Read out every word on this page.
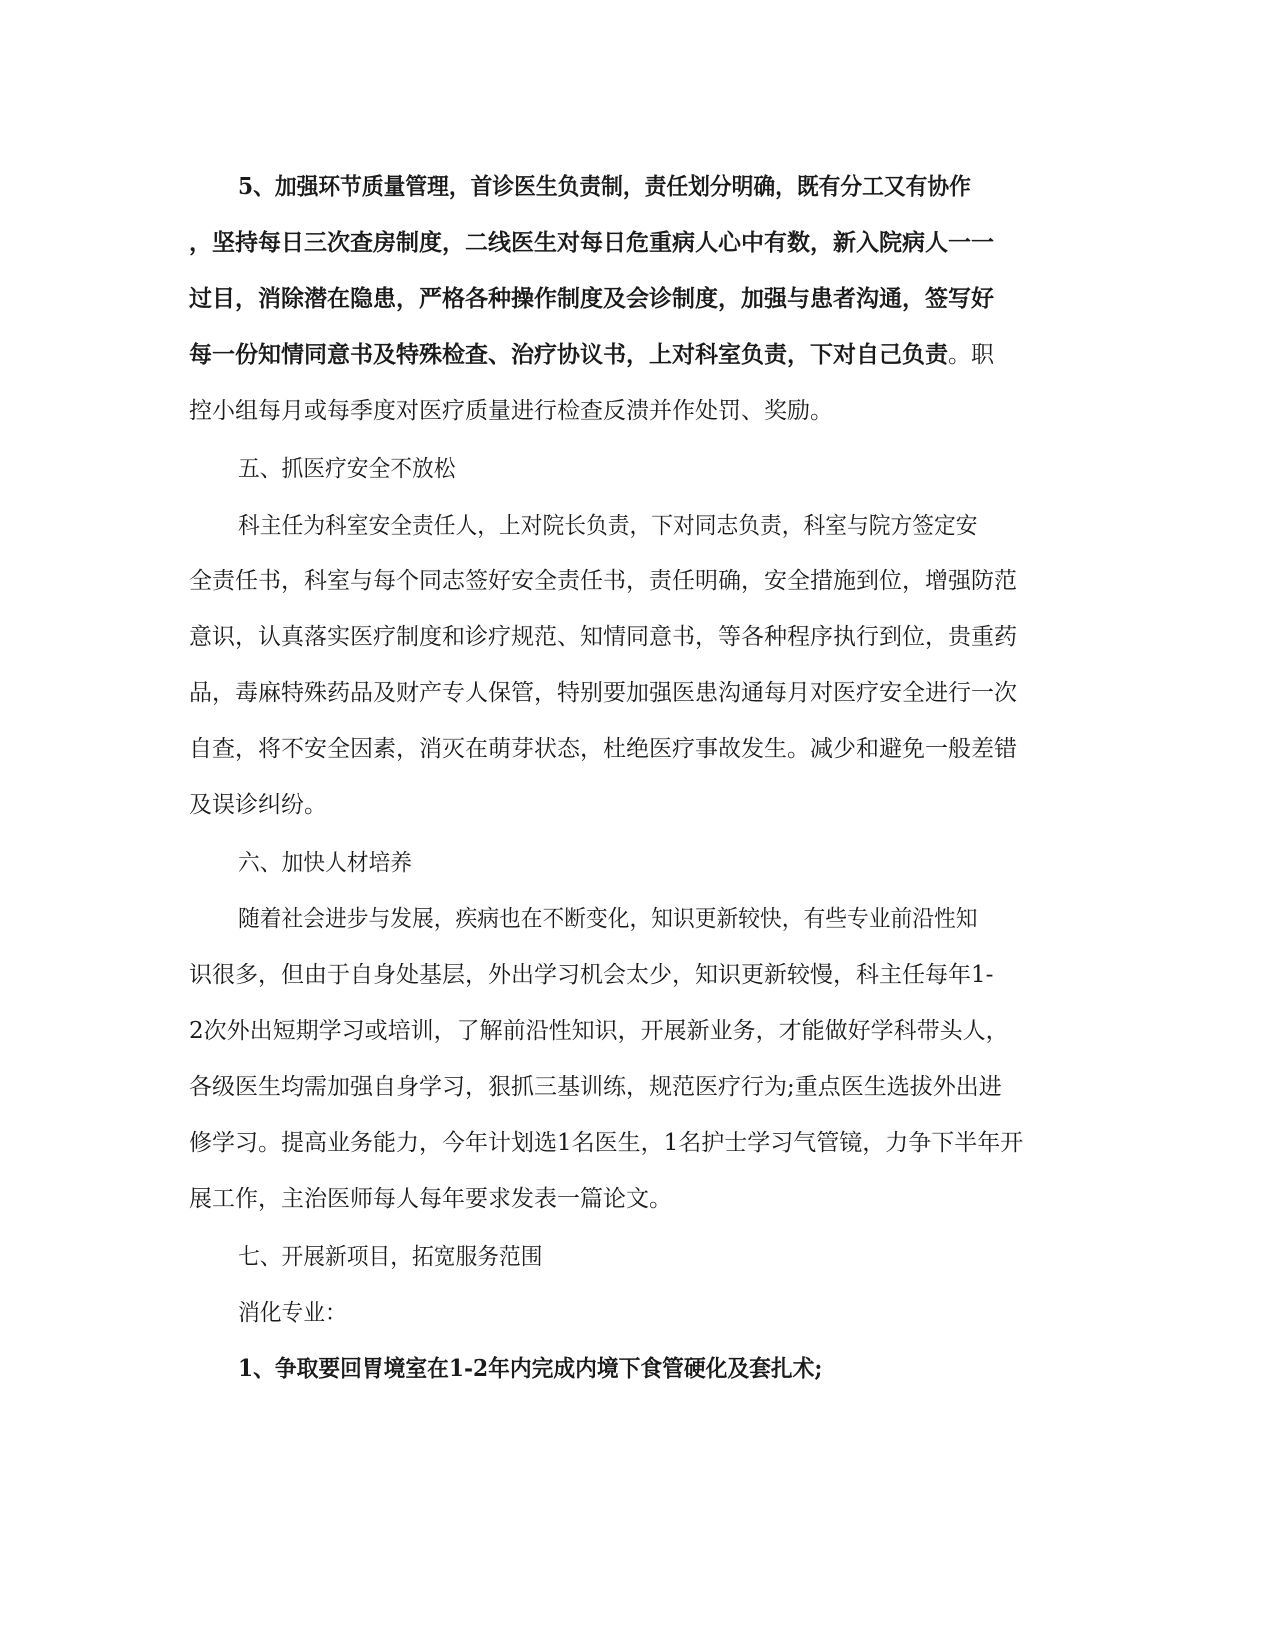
5、加强环节质量管理，首诊医生负责制，责任划分明确，既有分工又有协作
，坚持每日三次查房制度，二线医生对每日危重病人心中有数，新入院病人一一
过目，消除潜在隐患，严格各种操作制度及会诊制度，加强与患者沟通，签写好
每一份知情同意书及特殊检查、治疗协议书，上对科室负责，下对自己负责。职
控小组每月或每季度对医疗质量进行检查反溃并作处罚、奖励。
五、抓医疗安全不放松
科主任为科室安全责任人，上对院长负责，下对同志负责，科室与院方签定安
全责任书，科室与每个同志签好安全责任书，责任明确，安全措施到位，增强防范
意识，认真落实医疗制度和诊疗规范、知情同意书，等各种程序执行到位，贵重药
品，毒麻特殊药品及财产专人保管，特别要加强医患沟通每月对医疗安全进行一次
自查，将不安全因素，消灭在萌芽状态，杜绝医疗事故发生。减少和避免一般差错
及误诊纠纷。
六、加快人材培养
随着社会进步与发展，疾病也在不断变化，知识更新较快，有些专业前沿性知
识很多，但由于自身处基层，外出学习机会太少，知识更新较慢，科主任每年1-
2次外出短期学习或培训，了解前沿性知识，开展新业务，才能做好学科带头人，
各级医生均需加强自身学习，狠抓三基训练，规范医疗行为;重点医生选拔外出进
修学习。提高业务能力，今年计划选1名医生，1名护士学习气管镜，力争下半年开
展工作，主治医师每人每年要求发表一篇论文。
七、开展新项目，拓宽服务范围
消化专业：
1、争取要回胃境室在1-2年内完成内境下食管硬化及套扎术;
